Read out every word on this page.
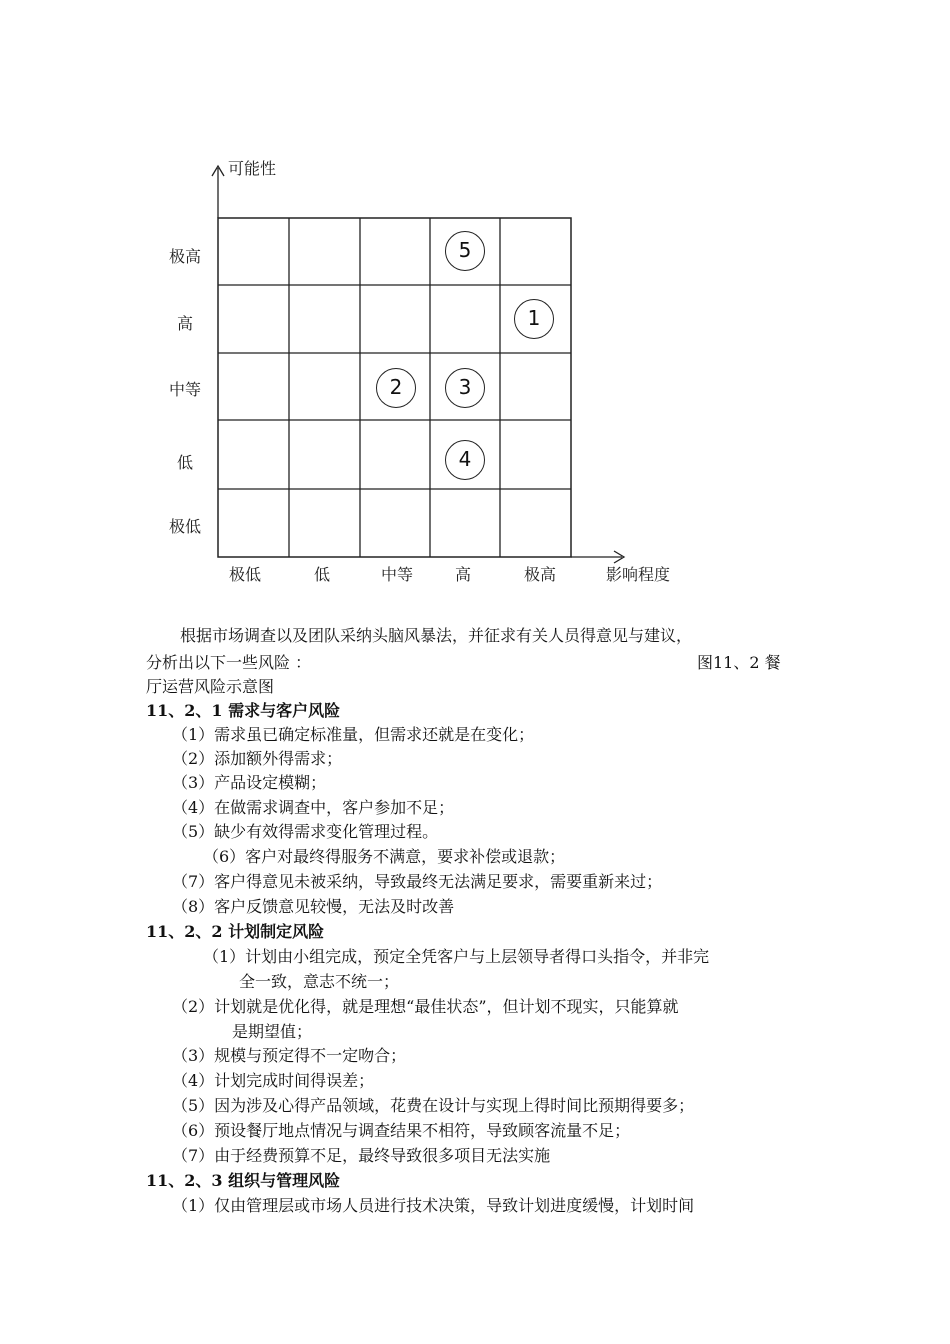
可能性
影响程度
极高
高
中等
低
极低
极低	低	中等	高	极高
5
1
2	3
4
根据市场调查以及团队采纳头脑风暴法，并征求有关人员得意见与建议，
分析出以下一些风险 ：	图11、2 餐
厅运营风险示意图
11、2、1 需求与客户风险
（1）需求虽已确定标准量，但需求还就是在变化；
（2）添加额外得需求；
（3）产品设定模糊；
（4）在做需求调查中，客户参加不足；
（5）缺少有效得需求变化管理过程。
（6）客户对最终得服务不满意，要求补偿或退款；
（7）客户得意见未被采纳，导致最终无法满足要求，需要重新来过；
（8）客户反馈意见较慢，无法及时改善
11、2、2 计划制定风险
（1）计划由小组完成，预定全凭客户与上层领导者得口头指令，并非完
全一致，意志不统一；
（2）计划就是优化得，就是理想“最佳状态”，但计划不现实，只能算就
是期望值；
（3）规模与预定得不一定吻合；
（4）计划完成时间得误差；
（5）因为涉及心得产品领域，花费在设计与实现上得时间比预期得要多；
（6）预设餐厅地点情况与调查结果不相符，导致顾客流量不足；
（7）由于经费预算不足，最终导致很多项目无法实施
11、2、3 组织与管理风险
（1）仅由管理层或市场人员进行技术决策，导致计划进度缓慢，计划时间
